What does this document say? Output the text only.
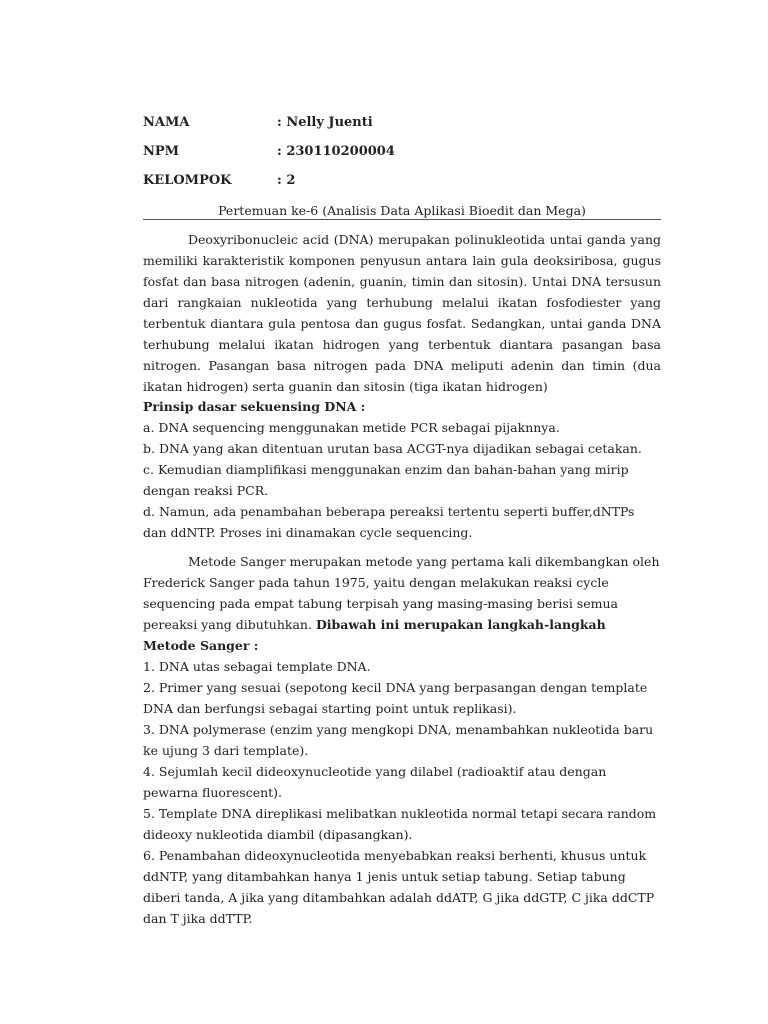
NAMA	: Nelly Juenti
NPM	: 230110200004
KELOMPOK	: 2
Pertemuan ke-6 (Analisis Data Aplikasi Bioedit dan Mega)

Deoxyribonucleic acid (DNA) merupakan polinukleotida untai ganda yang memiliki karakteristik komponen penyusun antara lain gula deoksiribosa, gugus fosfat dan basa nitrogen (adenin, guanin, timin dan sitosin). Untai DNA tersusun dari rangkaian nukleotida yang terhubung melalui ikatan fosfodiester yang terbentuk diantara gula pentosa dan gugus fosfat. Sedangkan, untai ganda DNA terhubung melalui ikatan hidrogen yang terbentuk diantara pasangan basa nitrogen. Pasangan basa nitrogen pada DNA meliputi adenin dan timin (dua ikatan hidrogen) serta guanin dan sitosin (tiga ikatan hidrogen)

Prinsip dasar sekuensing DNA :

a. DNA sequencing menggunakan metide PCR sebagai pijaknnya.

b. DNA yang akan ditentuan urutan basa ACGT-nya dijadikan sebagai cetakan.

c. Kemudian diamplifikasi menggunakan enzim dan bahan-bahan yang mirip dengan reaksi PCR.

d. Namun, ada penambahan beberapa pereaksi tertentu seperti buffer,dNTPs dan ddNTP. Proses ini dinamakan cycle sequencing.

Metode Sanger merupakan metode yang pertama kali dikembangkan oleh Frederick Sanger pada tahun 1975, yaitu dengan melakukan reaksi cycle sequencing pada empat tabung terpisah yang masing-masing berisi semua pereaksi yang dibutuhkan. Dibawah ini merupakan langkah-langkah Metode Sanger :

1. DNA utas sebagai template DNA.

2. Primer yang sesuai (sepotong kecil DNA yang berpasangan dengan template DNA dan berfungsi sebagai starting point untuk replikasi).

3. DNA polymerase (enzim yang mengkopi DNA, menambahkan nukleotida baru ke ujung 3 dari template).

4. Sejumlah kecil dideoxynucleotide yang dilabel (radioaktif atau dengan pewarna fluorescent).

5. Template DNA direplikasi melibatkan nukleotida normal tetapi secara random dideoxy nukleotida diambil (dipasangkan).

6. Penambahan dideoxynucleotida menyebabkan reaksi berhenti, khusus untuk ddNTP, yang ditambahkan hanya 1 jenis untuk setiap tabung. Setiap tabung diberi tanda, A jika yang ditambahkan adalah ddATP, G jika ddGTP, C jika ddCTP dan T jika ddTTP.
